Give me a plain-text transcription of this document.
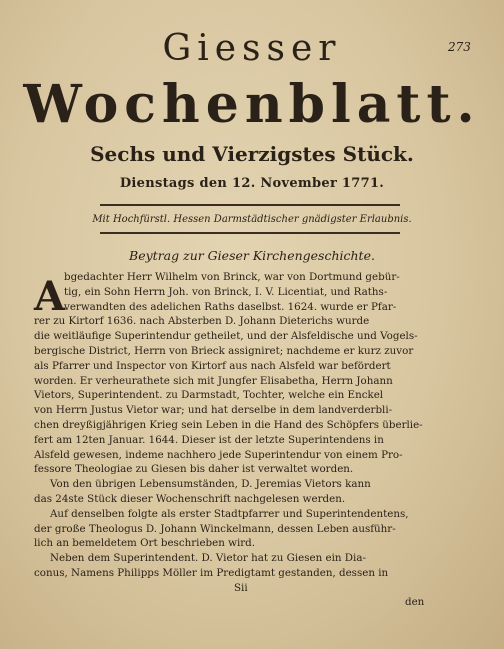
273
Giesser
Wochenblatt.
Sechs und Vierzigstes Stück.
Dienstags den 12. November 1771.
Mit Hochfürstl. Hessen Darmstädtischer gnädigster Erlaubnis.
Beytrag zur Gieser Kirchengeschichte.
A
bgedachter Herr Wilhelm von Brinck, war von Dortmund gebür-
tig, ein Sohn Herrn Joh. von Brinck, I. V. Licentiat, und Raths-
verwandten des adelichen Raths daselbst. 1624. wurde er Pfar-
rer zu Kirtorf 1636. nach Absterben D. Johann Dieterichs wurde
die weitläufige Superintendur getheilet, und der Alsfeldische und Vogels-
bergische District, Herrn von Brieck assigniret; nachdeme er kurz zuvor
als Pfarrer und Inspector von Kirtorf aus nach Alsfeld war befördert
worden. Er verheurathete sich mit Jungfer Elisabetha, Herrn Johann
Vietors, Superintendent. zu Darmstadt, Tochter, welche ein Enckel
von Herrn Justus Vietor war; und hat derselbe in dem landverderbli-
chen dreyßigjährigen Krieg sein Leben in die Hand des Schöpfers überlie-
fert am 12ten Januar. 1644. Dieser ist der letzte Superintendens in
Alsfeld gewesen, indeme nachhero jede Superintendur von einem Pro-
fessore Theologiae zu Giesen bis daher ist verwaltet worden.
Von den übrigen Lebensumständen, D. Jeremias Vietors kann
das 24ste Stück dieser Wochenschrift nachgelesen werden.
Auf denselben folgte als erster Stadtpfarrer und Superintendentens,
der große Theologus D. Johann Winckelmann, dessen Leben ausführ-
lich an bemeldetem Ort beschrieben wird.
Neben dem Superintendent. D. Vietor hat zu Giesen ein Dia-
conus, Namens Philipps Möller im Predigtamt gestanden, dessen in
Sii
den
